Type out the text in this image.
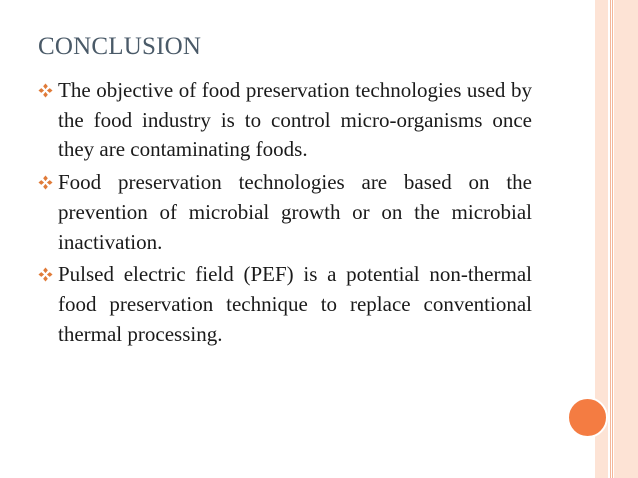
CONCLUSION
The objective of food preservation technologies used by the food industry is to control micro-organisms once they are contaminating foods.
Food preservation technologies are based on the prevention of microbial growth or on the microbial inactivation.
Pulsed electric field (PEF) is a potential non-thermal food preservation technique to replace conventional thermal processing.
